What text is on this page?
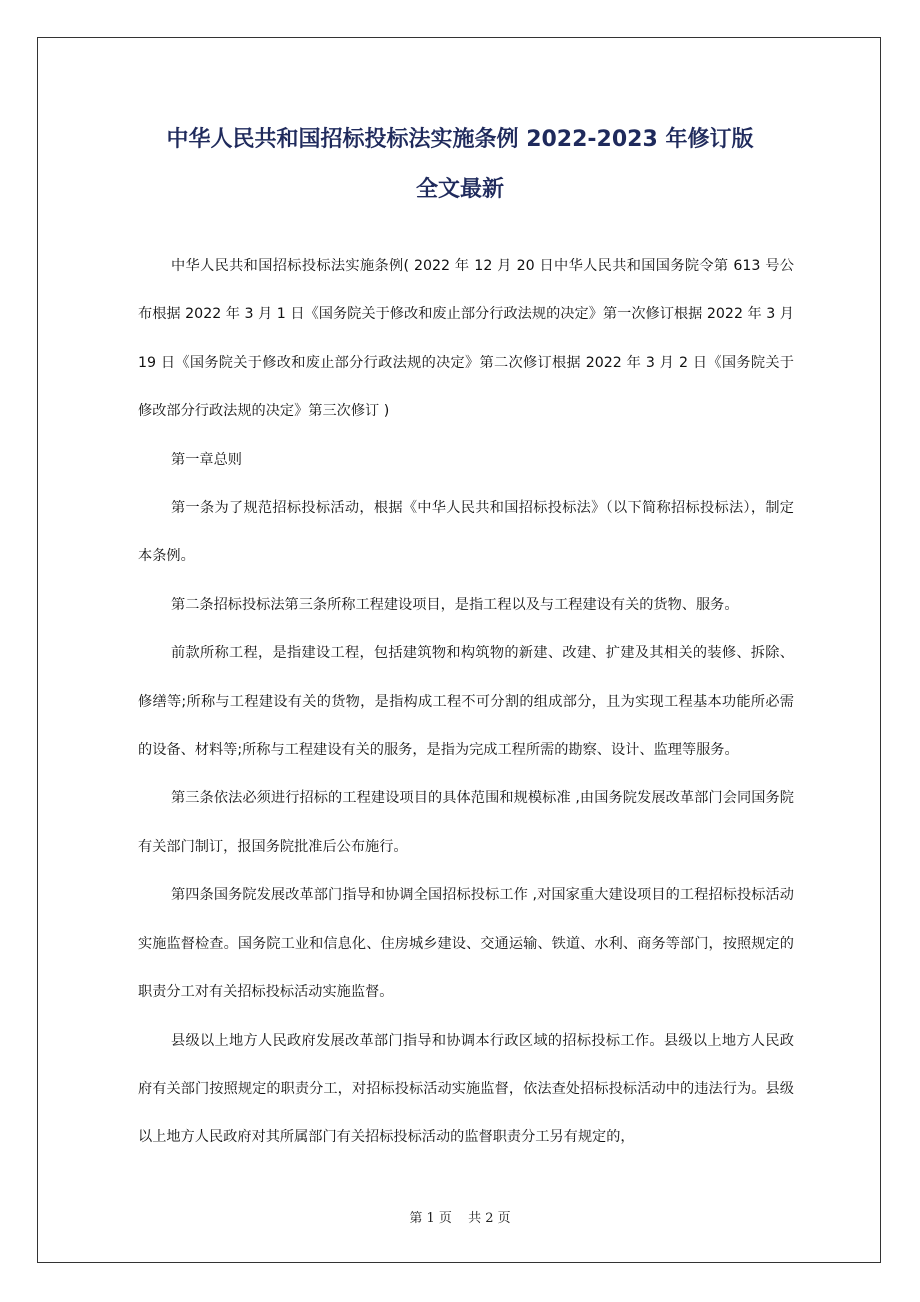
中华人民共和国招标投标法实施条例 2022-2023 年修订版
全文最新

中华人民共和国招标投标法实施条例( 2022 年 12 月 20 日中华人民共和国国务院令第 613 号公布根据 2022 年 3 月 1 日《国务院关于修改和废止部分行政法规的决定》第一次修订根据 2022 年 3 月 19 日《国务院关于修改和废止部分行政法规的决定》第二次修订根据 2022 年 3 月 2 日《国务院关于修改部分行政法规的决定》第三次修订 )

第一章总则

第一条为了规范招标投标活动，根据《中华人民共和国招标投标法》（以下简称招标投标法），制定本条例。

第二条招标投标法第三条所称工程建设项目，是指工程以及与工程建设有关的货物、服务。

前款所称工程，是指建设工程，包括建筑物和构筑物的新建、改建、扩建及其相关的装修、拆除、修缮等;所称与工程建设有关的货物，是指构成工程不可分割的组成部分，且为实现工程基本功能所必需的设备、材料等;所称与工程建设有关的服务，是指为完成工程所需的勘察、设计、监理等服务。

第三条依法必须进行招标的工程建设项目的具体范围和规模标准 ,由国务院发展改革部门会同国务院有关部门制订，报国务院批准后公布施行。

第四条国务院发展改革部门指导和协调全国招标投标工作 ,对国家重大建设项目的工程招标投标活动实施监督检查。国务院工业和信息化、住房城乡建设、交通运输、铁道、水利、商务等部门，按照规定的职责分工对有关招标投标活动实施监督。

县级以上地方人民政府发展改革部门指导和协调本行政区域的招标投标工作。县级以上地方人民政府有关部门按照规定的职责分工，对招标投标活动实施监督，依法查处招标投标活动中的违法行为。县级以上地方人民政府对其所属部门有关招标投标活动的监督职责分工另有规定的，

第 1 页 共 2 页
